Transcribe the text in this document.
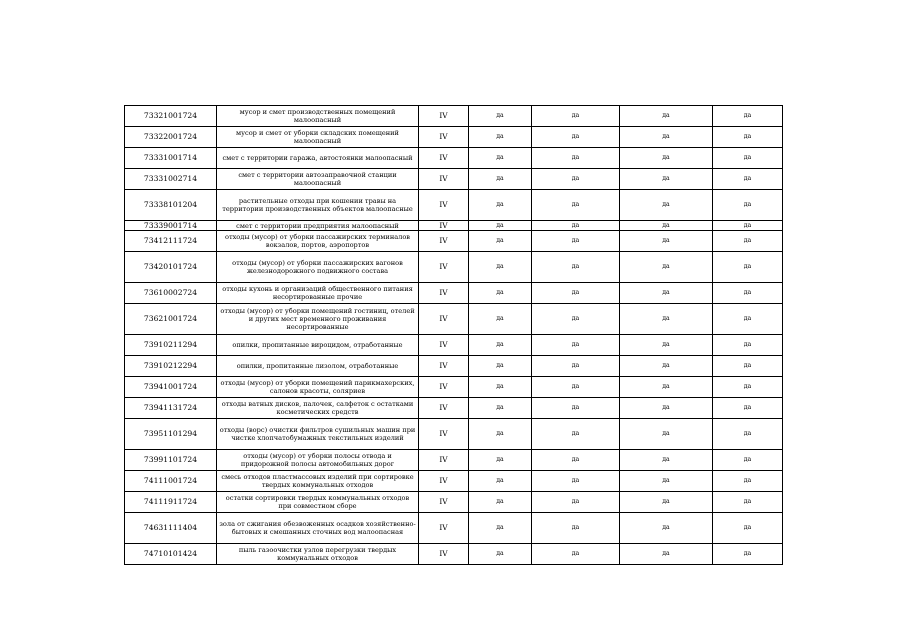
73321001724	мусор и смет производственных помещений малоопасный	IV	да	да	да	да
73322001724	мусор и смет от уборки складских помещений малоопасный	IV	да	да	да	да
73331001714	смет с территории гаража, автостоянки малоопасный	IV	да	да	да	да
73331002714	смет с территории автозаправочной станции малоопасный	IV	да	да	да	да
73338101204	растительные отходы при кошении травы на территории производственных объектов малоопасные	IV	да	да	да	да
73339001714	смет с территории предприятия малоопасный	IV	да	да	да	да
73412111724	отходы (мусор) от уборки пассажирских терминалов вокзалов, портов, аэропортов	IV	да	да	да	да
73420101724	отходы (мусор) от уборки пассажирских вагонов железнодорожного подвижного состава	IV	да	да	да	да
73610002724	отходы кухонь и организаций общественного питания несортированные прочие	IV	да	да	да	да
73621001724	отходы (мусор) от уборки помещений гостиниц, отелей и других мест временного проживания несортированные	IV	да	да	да	да
73910211294	опилки, пропитанные вироцидом, отработанные	IV	да	да	да	да
73910212294	опилки, пропитанные лизолом, отработанные	IV	да	да	да	да
73941001724	отходы (мусор) от уборки помещений парикмахерских, салонов красоты, соляриев	IV	да	да	да	да
73941131724	отходы ватных дисков, палочек, салфеток с остатками косметических средств	IV	да	да	да	да
73951101294	отходы (ворс) очистки фильтров сушильных машин при чистке хлопчатобумажных текстильных изделий	IV	да	да	да	да
73991101724	отходы (мусор) от уборки полосы отвода и придорожной полосы автомобильных дорог	IV	да	да	да	да
74111001724	смесь отходов пластмассовых изделий при сортировке твердых коммунальных отходов	IV	да	да	да	да
74111911724	остатки сортировки твердых коммунальных отходов при совместном сборе	IV	да	да	да	да
74631111404	зола от сжигания обезвоженных осадков хозяйственно-бытовых и смешанных сточных вод малоопасная	IV	да	да	да	да
74710101424	пыль газоочистки узлов перегрузки твердых коммунальных отходов	IV	да	да	да	да
